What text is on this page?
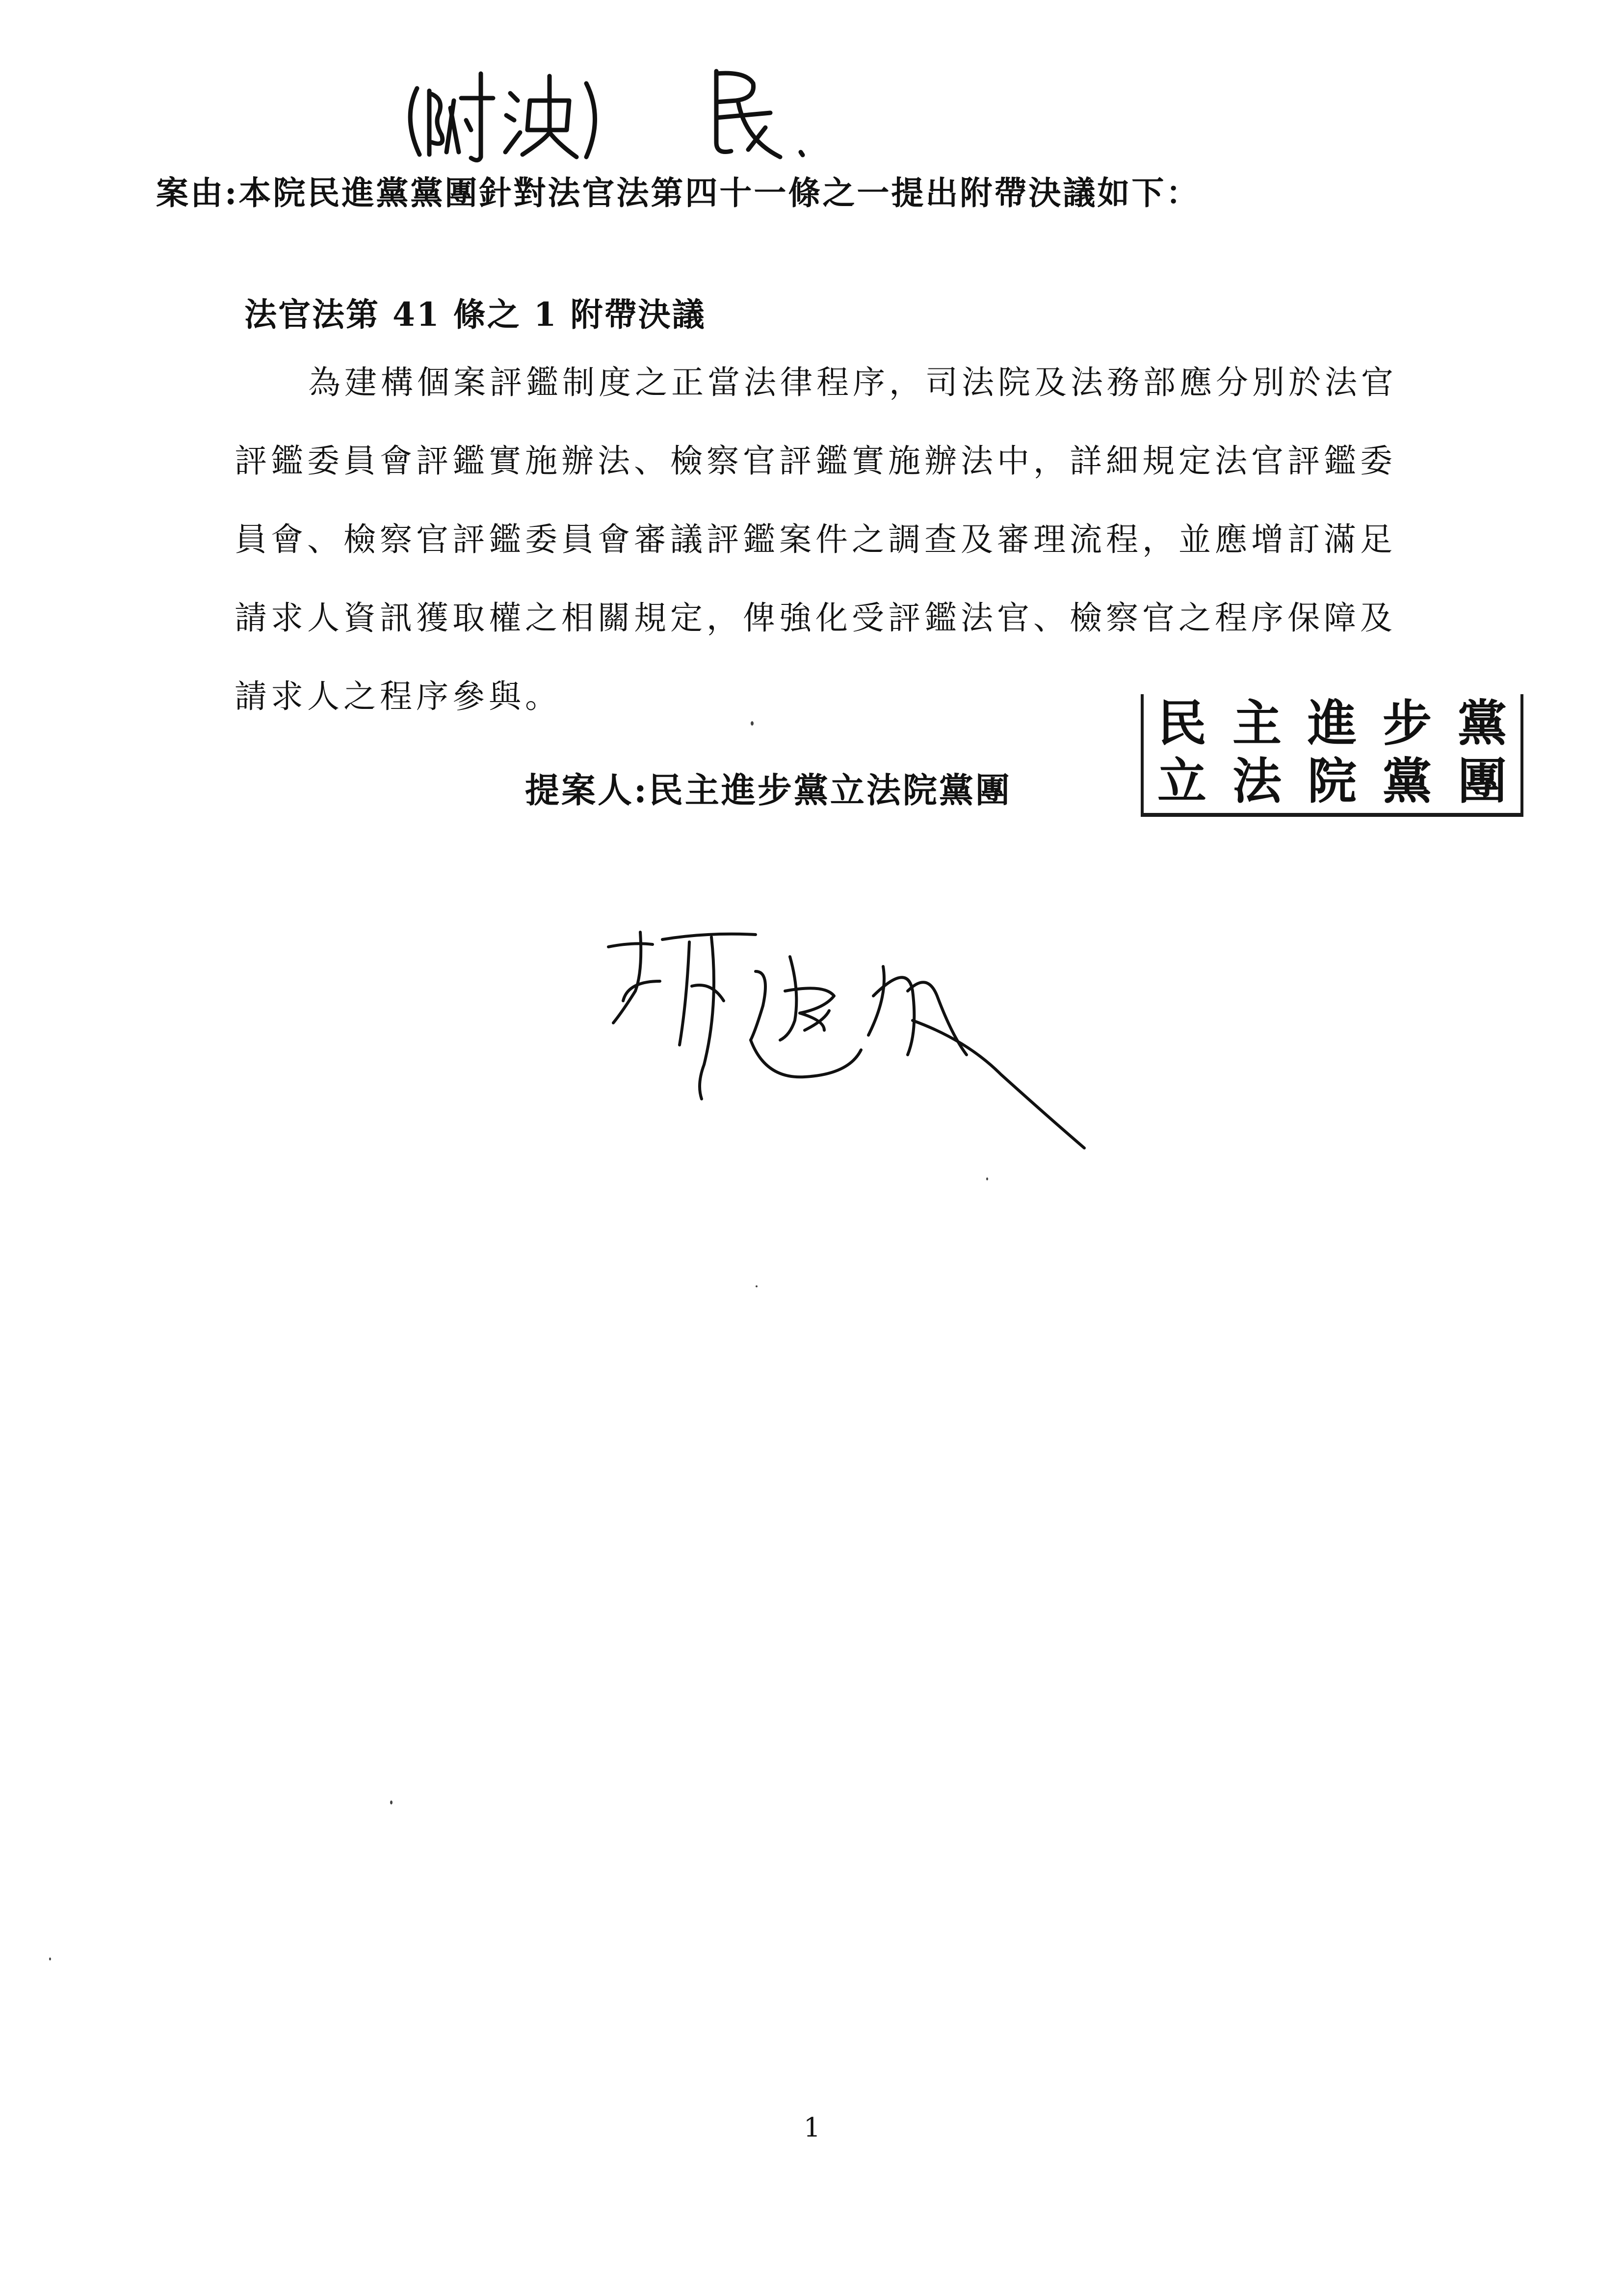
案由:本院民進黨黨團針對法官法第四十一條之一提出附帶決議如下：
法官法第 41 條之 1 附帶決議
為建構個案評鑑制度之正當法律程序，司法院及法務部應分別於法官
評鑑委員會評鑑實施辦法、檢察官評鑑實施辦法中，詳細規定法官評鑑委
員會、檢察官評鑑委員會審議評鑑案件之調查及審理流程，並應增訂滿足
請求人資訊獲取權之相關規定，俾強化受評鑑法官、檢察官之程序保障及
請求人之程序參與。
提案人:民主進步黨立法院黨團
民 主 進 步 黨
立 法 院 黨 團
1
